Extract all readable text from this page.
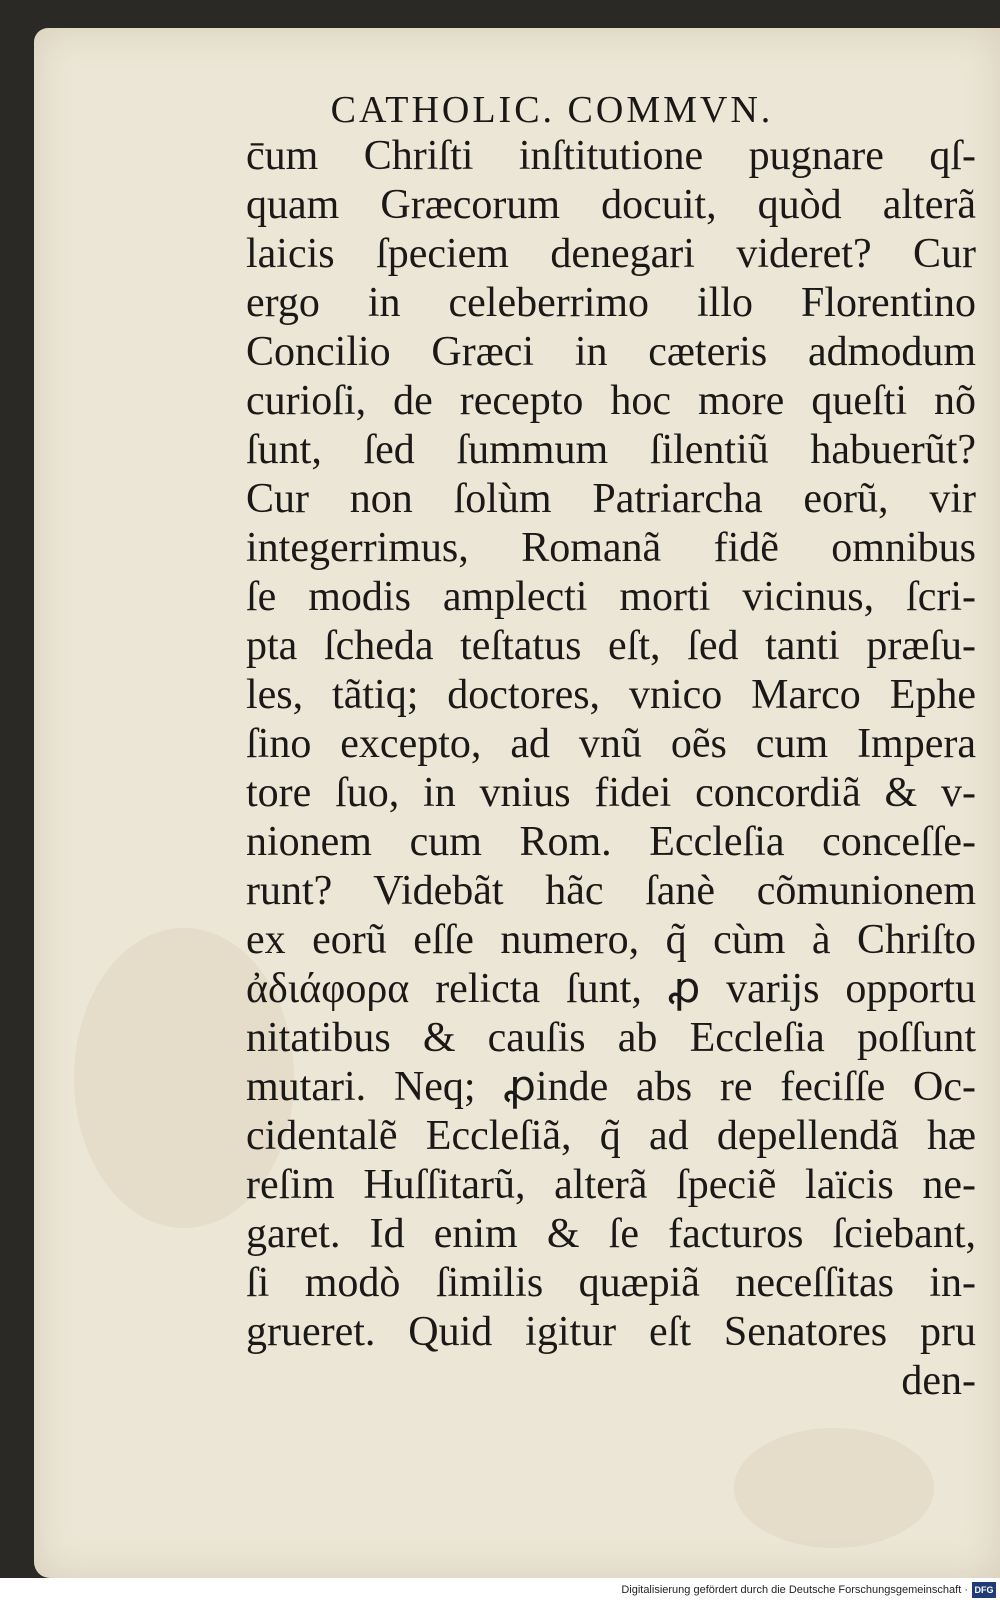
CATHOLIC. COMMVN.
c̄um Chriſti inſtitutione pugnare qſ-
quam Græcorum docuit, quòd alterã
laicis ſpeciem denegari videret? Cur
ergo in celeberrimo illo Florentino
Concilio Græci in cæteris admodum
curioſi, de recepto hoc more queſti nõ
ſunt, ſed ſummum ſilentiũ habuerũt?
Cur non ſolùm Patriarcha eorũ, vir
integerrimus, Romanã fidẽ omnibus
ſe modis amplecti morti vicinus, ſcri-
pta ſcheda teſtatus eſt, ſed tanti præſu-
les, tãtiq; doctores, vnico Marco Ephe
ſino excepto, ad vnũ oẽs cum Impera
tore ſuo, in vnius fidei concordiã & v-
nionem cum Rom. Eccleſia conceſſe-
runt? Videbãt hãc ſanè cõmunionem
ex eorũ eſſe numero, q̃ cùm à Chriſto
ἀδιάφορα relicta ſunt, ꝓ varijs opportu
nitatibus & cauſis ab Eccleſia poſſunt
mutari. Neq; ꝓinde abs re feciſſe Oc-
cidentalẽ Eccleſiã, q̃ ad depellendã hæ
reſim Huſſitarũ, alterã ſpeciẽ laïcis ne-
garet. Id enim & ſe facturos ſciebant,
ſi modò ſimilis quæpiã neceſſitas in-
grueret. Quid igitur eſt Senatores pru
den-
Digitalisierung gefördert durch die Deutsche Forschungsgemeinschaft · DFG
